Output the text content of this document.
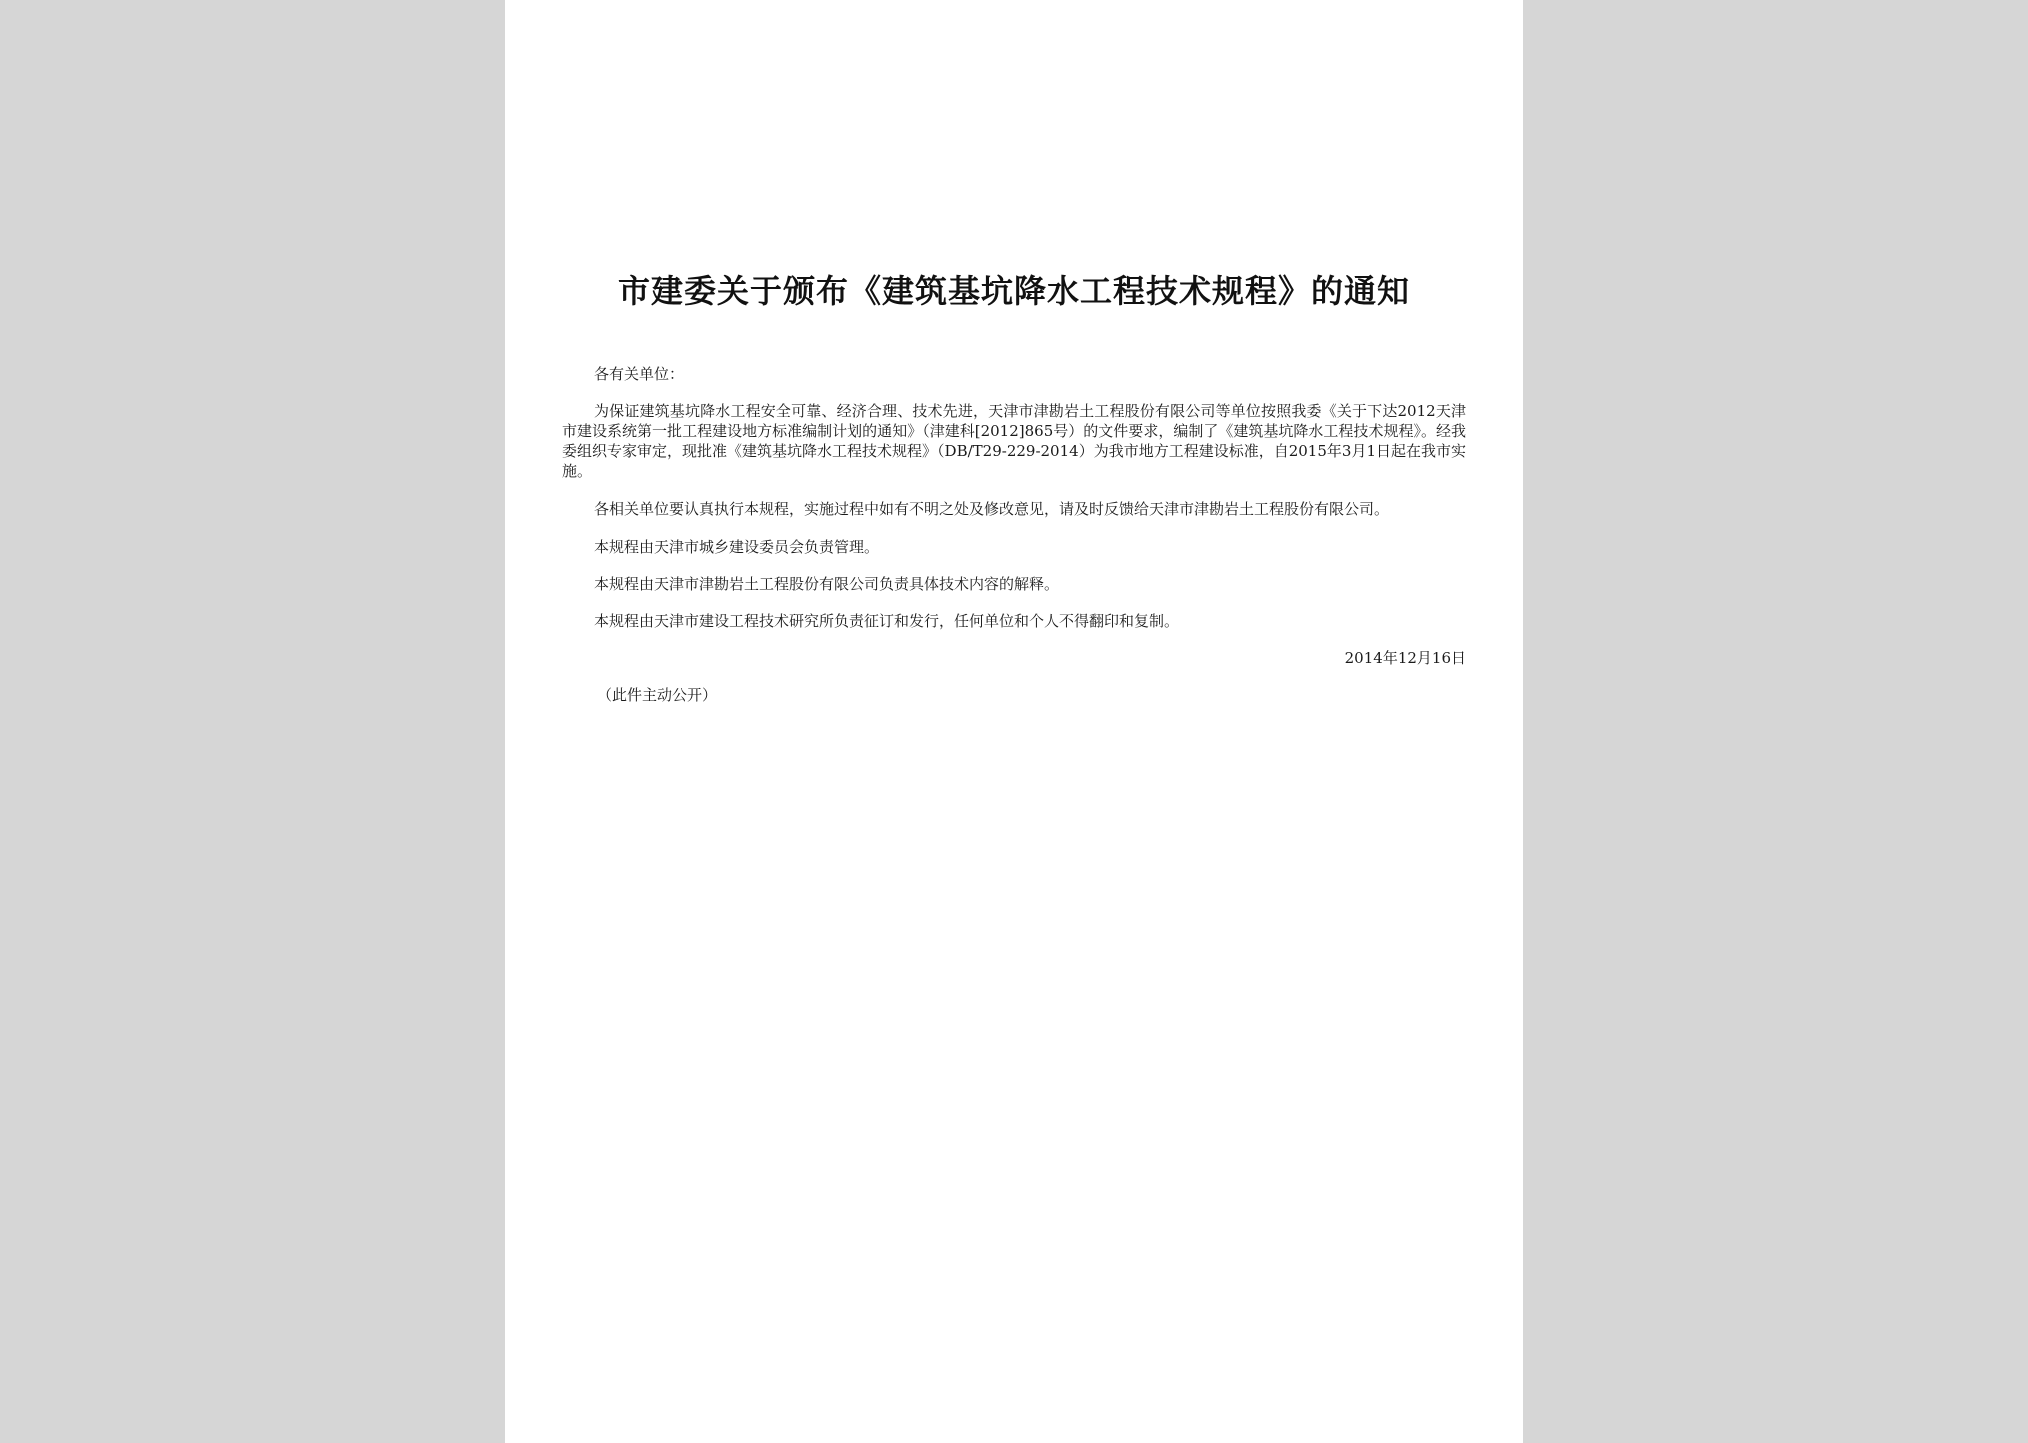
市建委关于颁布《建筑基坑降水工程技术规程》的通知
各有关单位：
为保证建筑基坑降水工程安全可靠、经济合理、技术先进，天津市津勘岩土工程股份有限公司等单位按照我委《关于下达2012天津市建设系统第一批工程建设地方标准编制计划的通知》（津建科[2012]865号）的文件要求，编制了《建筑基坑降水工程技术规程》。经我委组织专家审定，现批准《建筑基坑降水工程技术规程》（DB/T29-229-2014）为我市地方工程建设标准，自2015年3月1日起在我市实施。
各相关单位要认真执行本规程，实施过程中如有不明之处及修改意见，请及时反馈给天津市津勘岩土工程股份有限公司。
本规程由天津市城乡建设委员会负责管理。
本规程由天津市津勘岩土工程股份有限公司负责具体技术内容的解释。
本规程由天津市建设工程技术研究所负责征订和发行，任何单位和个人不得翻印和复制。
2014年12月16日
（此件主动公开）
